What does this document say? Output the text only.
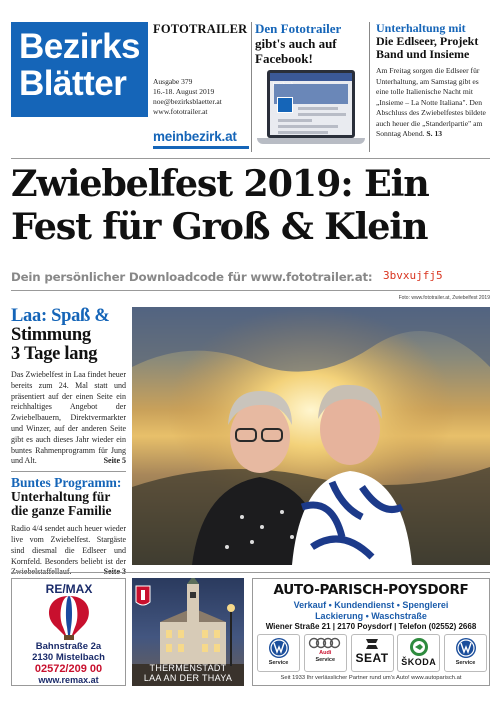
Bezirks
Blätter
FOTOTRAILER
Ausgabe 379
16.-18. August 2019
noe@bezirksblaetter.at
www.fototrailer.at
meinbezirk.at
Den Fototrailer
gibt's auch auf Facebook!
Unterhaltung mit
Die Edlseer, Projekt Band und Insieme
Am Freitag sorgen die Edlseer für Unterhaltung, am Samstag gibt es eine tolle Italienische Nacht mit „Insieme – La Notte Italiana". Den Abschluss des Zwiebelfestes bildete auch heuer die „Standerlpartie" am Sonntag Abend. S. 13
Zwiebelfest 2019: Ein
Fest für Groß & Klein
Dein persönlicher Downloadcode für www.fototrailer.at: 3bvxujfj5
Foto: www.fototrailer.at, Zwiebelfest 2019
Laa: Spaß &
Stimmung
3 Tage lang

Das Zwiebelfest in Laa findet heuer bereits zum 24. Mal statt und präsentiert auf der einen Seite ein reichhaltiges Angebot der Zwiebelbauern, Direktvermarkter und Winzer, auf der anderen Seite gibt es auch dieses Jahr wieder ein buntes Rahmenprogramm für Jung und Alt.	Seite 5

Buntes Programm:
Unterhaltung für die ganze Familie

Radio 4/4 sendet auch heuer wieder live vom Zwiebelfest. Stargäste sind diesmal die Edlseer und Kornfeld. Besonders beliebt ist der

RE/MAX
Bahnstraße 2a
2130 Mistelbach
02572/209 00
www.remax.at
THERMENSTADT
LAA AN DER THAYA
AUTO-PARISCH-POYSDORF
Verkauf • Kundendienst • Spenglerei
Lackierung • Waschstraße
Wiener Straße 21 | 2170 Poysdorf | Telefon (02552) 2668
Service
Audi
Service SEAT ŠKODA	Service
Seit 1933 Ihr verlässlicher Partner rund um's Auto! www.autoparisch.at
